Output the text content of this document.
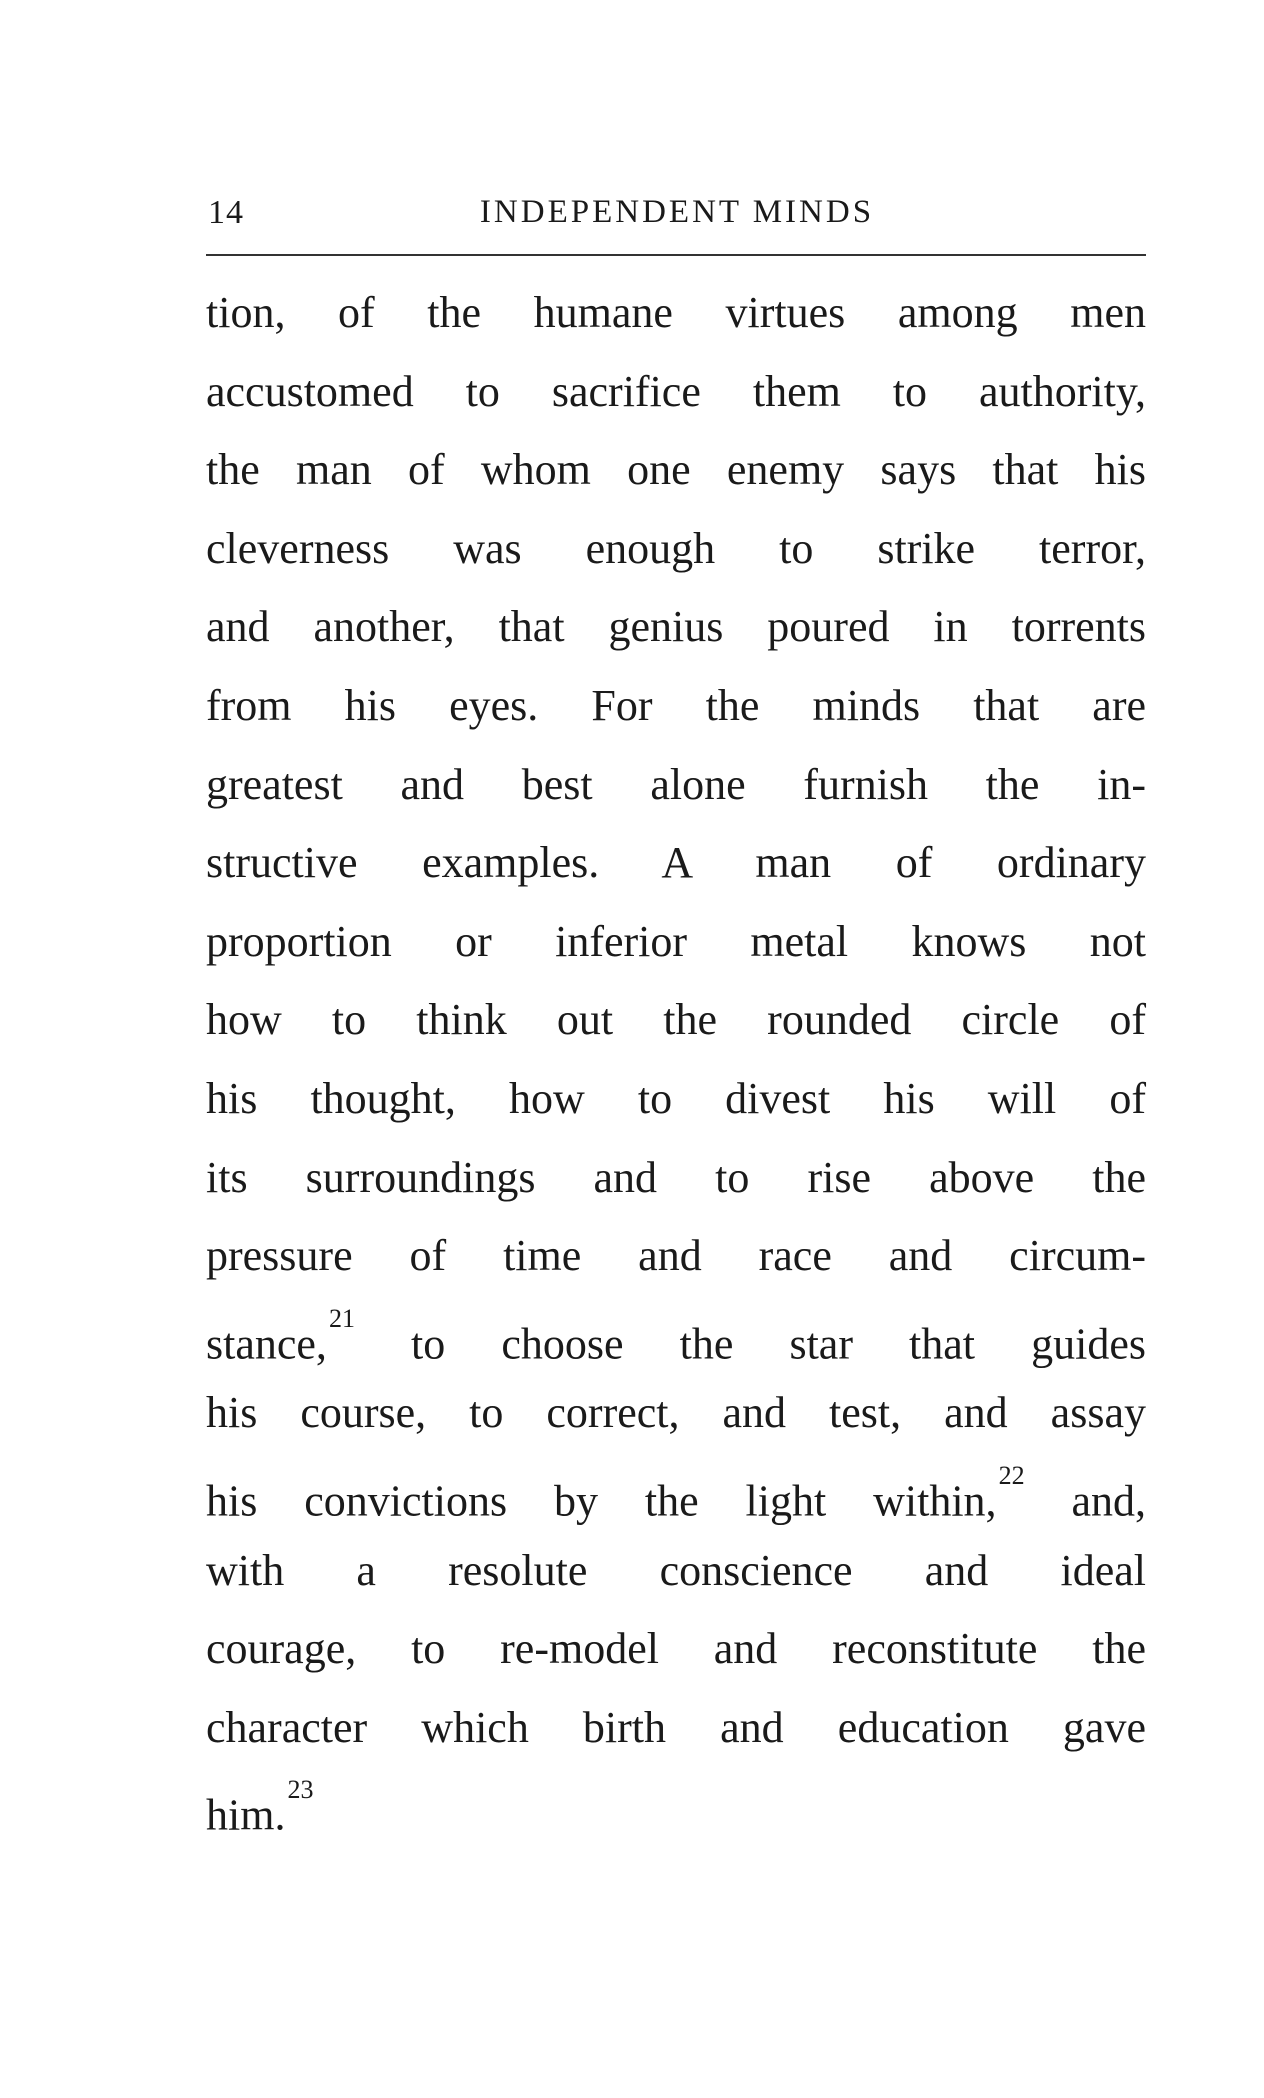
14	INDEPENDENT MINDS
tion, of the humane virtues among men
accustomed to sacrifice them to authority,
the man of whom one enemy says that his
cleverness was enough to strike terror,
and another, that genius poured in torrents
from his eyes. For the minds that are
greatest and best alone furnish the in-
structive examples. A man of ordinary
proportion or inferior metal knows not
how to think out the rounded circle of
his thought, how to divest his will of
its surroundings and to rise above the
pressure of time and race and circum-
stance,$^{21}$ to choose the star that guides
his course, to correct, and test, and assay
his convictions by the light within,$^{22}$ and,
with a resolute conscience and ideal
courage, to re-model and reconstitute the
character which birth and education gave
him.$^{23}$
